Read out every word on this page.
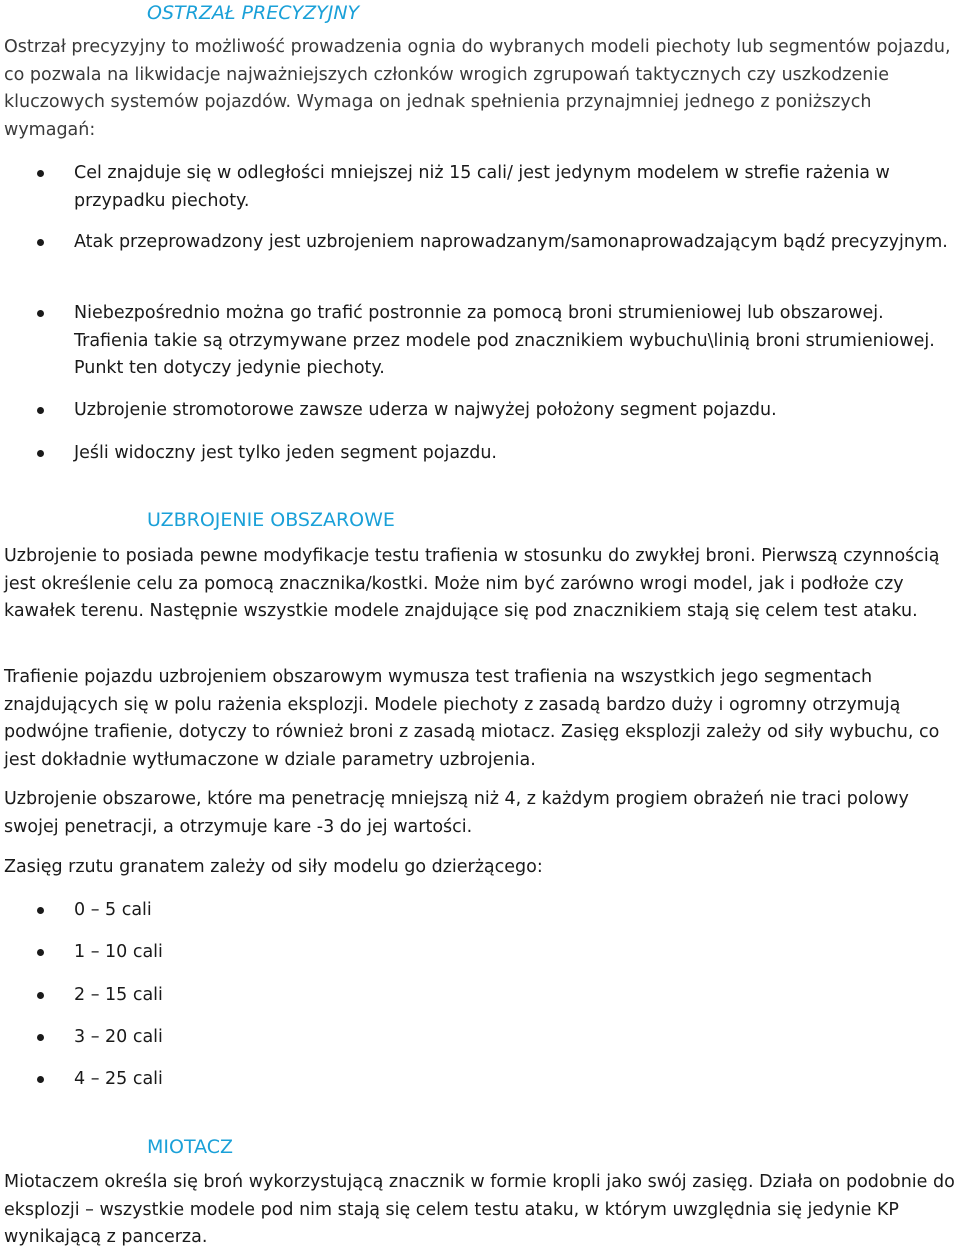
OSTRZAŁ PRECYZYJNY

Ostrzał precyzyjny to możliwość prowadzenia ognia do wybranych modeli piechoty lub segmentów pojazdu, co pozwala na likwidacje najważniejszych członków wrogich zgrupowań taktycznych czy uszkodzenie kluczowych systemów pojazdów. Wymaga on jednak spełnienia przynajmniej jednego z poniższych wymagań:

Cel znajduje się w odległości mniejszej niż 15 cali/ jest jedynym modelem w strefie rażenia w przypadku piechoty.

Atak przeprowadzony jest uzbrojeniem naprowadzanym/samonaprowadzającym bądź precyzyjnym.

Niebezpośrednio można go trafić postronnie za pomocą broni strumieniowej lub obszarowej. Trafienia takie są otrzymywane przez modele pod znacznikiem wybuchu\linią broni strumieniowej. Punkt ten dotyczy jedynie piechoty.

Uzbrojenie stromotorowe zawsze uderza w najwyżej położony segment pojazdu.

Jeśli widoczny jest tylko jeden segment pojazdu.

UZBROJENIE OBSZAROWE

Uzbrojenie to posiada pewne modyfikacje testu trafienia w stosunku do zwykłej broni. Pierwszą czynnością jest określenie celu za pomocą znacznika/kostki. Może nim być zarówno wrogi model, jak i podłoże czy kawałek terenu. Następnie wszystkie modele znajdujące się pod znacznikiem stają się celem test ataku.

Trafienie pojazdu uzbrojeniem obszarowym wymusza test trafienia na wszystkich jego segmentach znajdujących się w polu rażenia eksplozji. Modele piechoty z zasadą bardzo duży i ogromny otrzymują podwójne trafienie, dotyczy to również broni z zasadą miotacz. Zasięg eksplozji zależy od siły wybuchu, co jest dokładnie wytłumaczone w dziale parametry uzbrojenia.

Uzbrojenie obszarowe, które ma penetrację mniejszą niż 4, z każdym progiem obrażeń nie traci polowy swojej penetracji, a otrzymuje kare -3 do jej wartości.

Zasięg rzutu granatem zależy od siły modelu go dzierżącego:

0 – 5 cali

1 – 10 cali

2 – 15 cali

3 – 20 cali

4 – 25 cali

MIOTACZ

Miotaczem określa się broń wykorzystującą znacznik w formie kropli jako swój zasięg. Działa on podobnie do eksplozji – wszystkie modele pod nim stają się celem testu ataku, w którym uwzględnia się jedynie KP wynikającą z pancerza.
